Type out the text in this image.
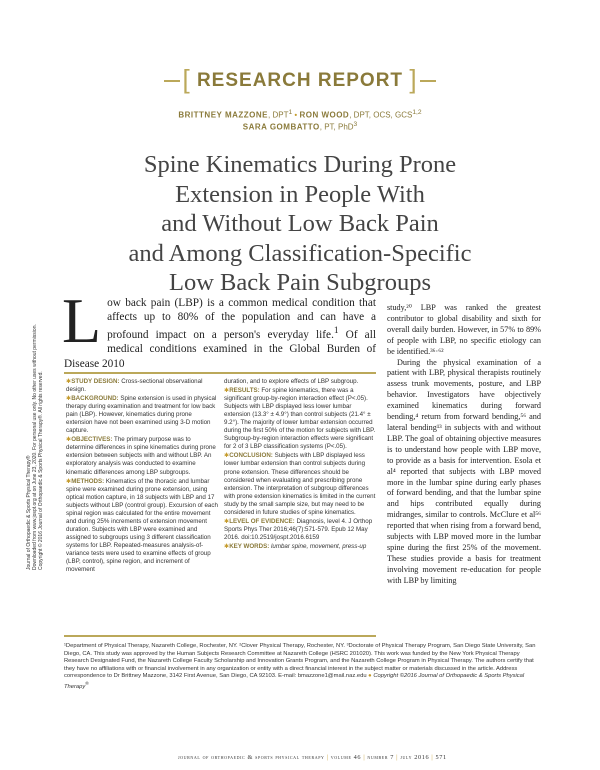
[ RESEARCH REPORT ]
BRITTNEY MAZZONE, DPT$^1$ • RON WOOD, DPT, OCS, GCS$^{1,2}$
SARA GOMBATTO, PT, PhD$^3$
Spine Kinematics During Prone
Extension in People With
and Without Low Back Pain
and Among Classification-Specific
Low Back Pain Subgroups
Journal of Orthopaedic & Sports Physical Therapy® Downloaded from www.jospt.org at on June 23, 2020. For personal use only. No other uses without permission. Copyright © 2016 Journal of Orthopaedic & Sports Physical Therapy®. All rights reserved.
Low back pain (LBP) is a common medical condition that affects up to 80% of the population and can have a profound impact on a person's everyday life.$^1$ Of all medical conditions examined in the Global Burden of Disease 2010

✱STUDY DESIGN: Cross-sectional observational design.

✱BACKGROUND: Spine extension is used in physical therapy during examination and treatment for low back pain (LBP). However, kinematics during prone extension have not been examined using 3-D motion capture.

✱OBJECTIVES: The primary purpose was to determine differences in spine kinematics during prone extension between subjects with and without LBP. An exploratory analysis was conducted to examine kinematic differences among LBP subgroups.

✱METHODS: Kinematics of the thoracic and lumbar spine were examined during prone extension, using optical motion capture, in 18 subjects with LBP and 17 subjects without LBP (control group). Excursion of each spinal region was calculated for the entire movement and during 25% increments of extension movement duration. Subjects with LBP were examined and assigned to subgroups using 3 different classification systems for LBP. Repeated-measures analysis-of-variance tests were used to examine effects of group (LBP, control), spine region, and increment of movement

duration, and to explore effects of LBP subgroup.

✱RESULTS: For spine kinematics, there was a significant group-by-region interaction effect (P<.05). Subjects with LBP displayed less lower lumbar extension (13.3° ± 4.9°) than control subjects (21.4° ± 9.2°). The majority of lower lumbar extension occurred during the first 50% of the motion for subjects with LBP. Subgroup-by-region interaction effects were significant for 2 of 3 LBP classification systems (P<.05).

✱CONCLUSION: Subjects with LBP displayed less lower lumbar extension than control subjects during prone extension. These differences should be considered when evaluating and prescribing prone extension. The interpretation of subgroup differences with prone extension kinematics is limited in the current study by the small sample size, but may need to be considered in future studies of spine kinematics.

✱LEVEL OF EVIDENCE: Diagnosis, level 4. J Orthop Sports Phys Ther 2016;46(7):571-579. Epub 12 May 2016. doi:10.2519/jospt.2016.6159

✱KEY WORDS: lumbar spine, movement, press-up

study,²⁰ LBP was ranked the greatest contributor to global disability and sixth for overall daily burden. However, in 57% to 89% of people with LBP, no specific etiology can be identified.³⁶·⁶²

During the physical examination of a patient with LBP, physical therapists routinely assess trunk movements, posture, and LBP behavior. Investigators have objectively examined kinematics during forward bending,⁴ return from forward bending,⁵⁶ and lateral bending¹³ in subjects with and without LBP. The goal of obtaining objective measures is to understand how people with LBP move, to provide as a basis for intervention. Esola et al⁴ reported that subjects with LBP moved more in the lumbar spine during early phases of forward bending, and that the lumbar spine and hips contributed equally during midranges, similar to controls. McClure et al⁵⁶ reported that when rising from a forward bend, subjects with LBP moved more in the lumbar spine during the first 25% of the movement. These studies provide a basis for treatment involving movement re-education for people with LBP by limiting

¹Department of Physical Therapy, Nazareth College, Rochester, NY. ²Clover Physical Therapy, Rochester, NY. ³Doctorate of Physical Therapy Program, San Diego State University, San Diego, CA. This study was approved by the Human Subjects Research Committee at Nazareth College (HSRC 201020). This work was funded by the New York Physical Therapy Research Designated Fund, the Nazareth College Faculty Scholarship and Innovation Grants Program, and the Nazareth College Program in Physical Therapy. The authors certify that they have no affiliations with or financial involvement in any organization or entity with a direct financial interest in the subject matter or materials discussed in the article. Address correspondence to Dr Brittney Mazzone, 3142 First Avenue, San Diego, CA 92103. E-mail: bmazzone1@mail.naz.edu ● Copyright ©2016 Journal of Orthopaedic & Sports Physical Therapy®
journal of orthopaedic & sports physical therapy | volume 46 | number 7 | july 2016 | 571
